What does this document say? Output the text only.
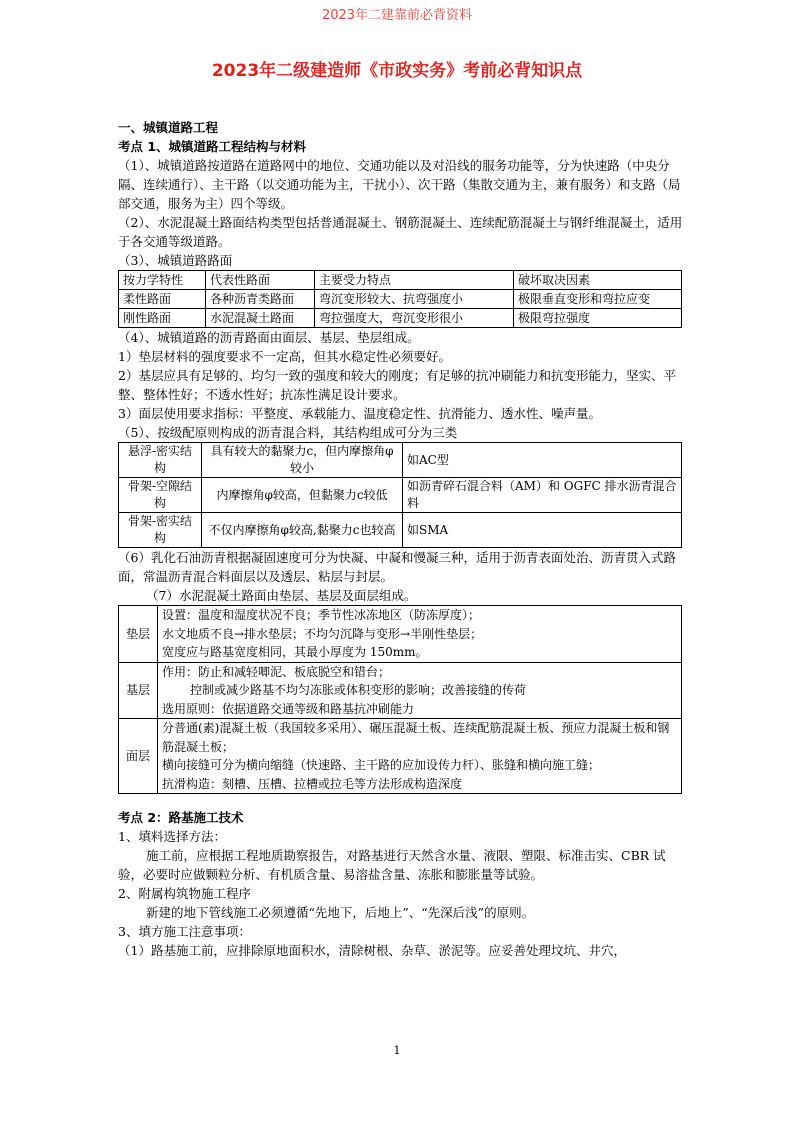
2023年二建靠前必背资料
2023年二级建造师《市政实务》考前必背知识点

一、城镇道路工程

考点 1、城镇道路工程结构与材料

（1）、城镇道路按道路在道路网中的地位、交通功能以及对沿线的服务功能等，分为快速路（中央分隔、连续通行）、主干路（以交通功能为主，干扰小）、次干路（集散交通为主，兼有服务）和支路（局部交通，服务为主）四个等级。

（2）、水泥混凝土路面结构类型包括普通混凝土、钢筋混凝土、连续配筋混凝土与钢纤维混凝土，适用于各交通等级道路。

（3）、城镇道路路面

按力学特性	代表性路面	主要受力特点	破坏取决因素
柔性路面	各种沥青类路面	弯沉变形较大、抗弯强度小	极限垂直变形和弯拉应变
刚性路面	水泥混凝土路面	弯拉强度大，弯沉变形很小	极限弯拉强度

（4）、城镇道路的沥青路面由面层、基层、垫层组成。

1）垫层材料的强度要求不一定高，但其水稳定性必须要好。

2）基层应具有足够的、均匀一致的强度和较大的刚度；有足够的抗冲刷能力和抗变形能力，坚实、平整、整体性好；不透水性好；抗冻性满足设计要求。

3）面层使用要求指标：平整度、承载能力、温度稳定性、抗滑能力、透水性、噪声量。

（5）、按级配原则构成的沥青混合料，其结构组成可分为三类

悬浮-密实结构	具有较大的黏聚力c，但内摩擦角φ较小	如AC型
骨架-空隙结构	内摩擦角φ较高，但黏聚力c较低	如沥青碎石混合料（AM）和 OGFC 排水沥青混合料
骨架-密实结构	不仅内摩擦角φ较高,黏聚力c也较高	如SMA

（6）乳化石油沥青根据凝固速度可分为快凝、中凝和慢凝三种，适用于沥青表面处治、沥青贯入式路面，常温沥青混合料面层以及透层、粘层与封层。

（7）水泥混凝土路面由垫层、基层及面层组成。

垫层	设置：温度和湿度状况不良；季节性冰冻地区（防冻厚度）；
水文地质不良→排水垫层；不均匀沉降与变形→半刚性垫层；
宽度应与路基宽度相同，其最小厚度为 150mm。

基层	作用：防止和减轻唧泥、板底脱空和错台；
控制或减少路基不均匀冻胀或体积变形的影响；改善接缝的传荷
选用原则：依据道路交通等级和路基抗冲刷能力

面层	分普通(素)混凝土板（我国较多采用）、碾压混凝土板、连续配筋混凝土板、预应力混凝土板和钢筋混凝土板；
横向接缝可分为横向缩缝（快速路、主干路的应加设传力杆）、胀缝和横向施工缝；
抗滑构造：刻槽、压槽、拉槽或拉毛等方法形成构造深度

考点 2：路基施工技术

1、填料选择方法：

施工前，应根据工程地质勘察报告，对路基进行天然含水量、液限、塑限、标准击实、CBR 试验，必要时应做颗粒分析、有机质含量、易溶盐含量、冻胀和膨胀量等试验。

2、附属构筑物施工程序

新建的地下管线施工必须遵循“先地下，后地上”、“先深后浅”的原则。

3、填方施工注意事项：

（1）路基施工前，应排除原地面积水，清除树根、杂草、淤泥等。应妥善处理坟坑、井穴，

1
